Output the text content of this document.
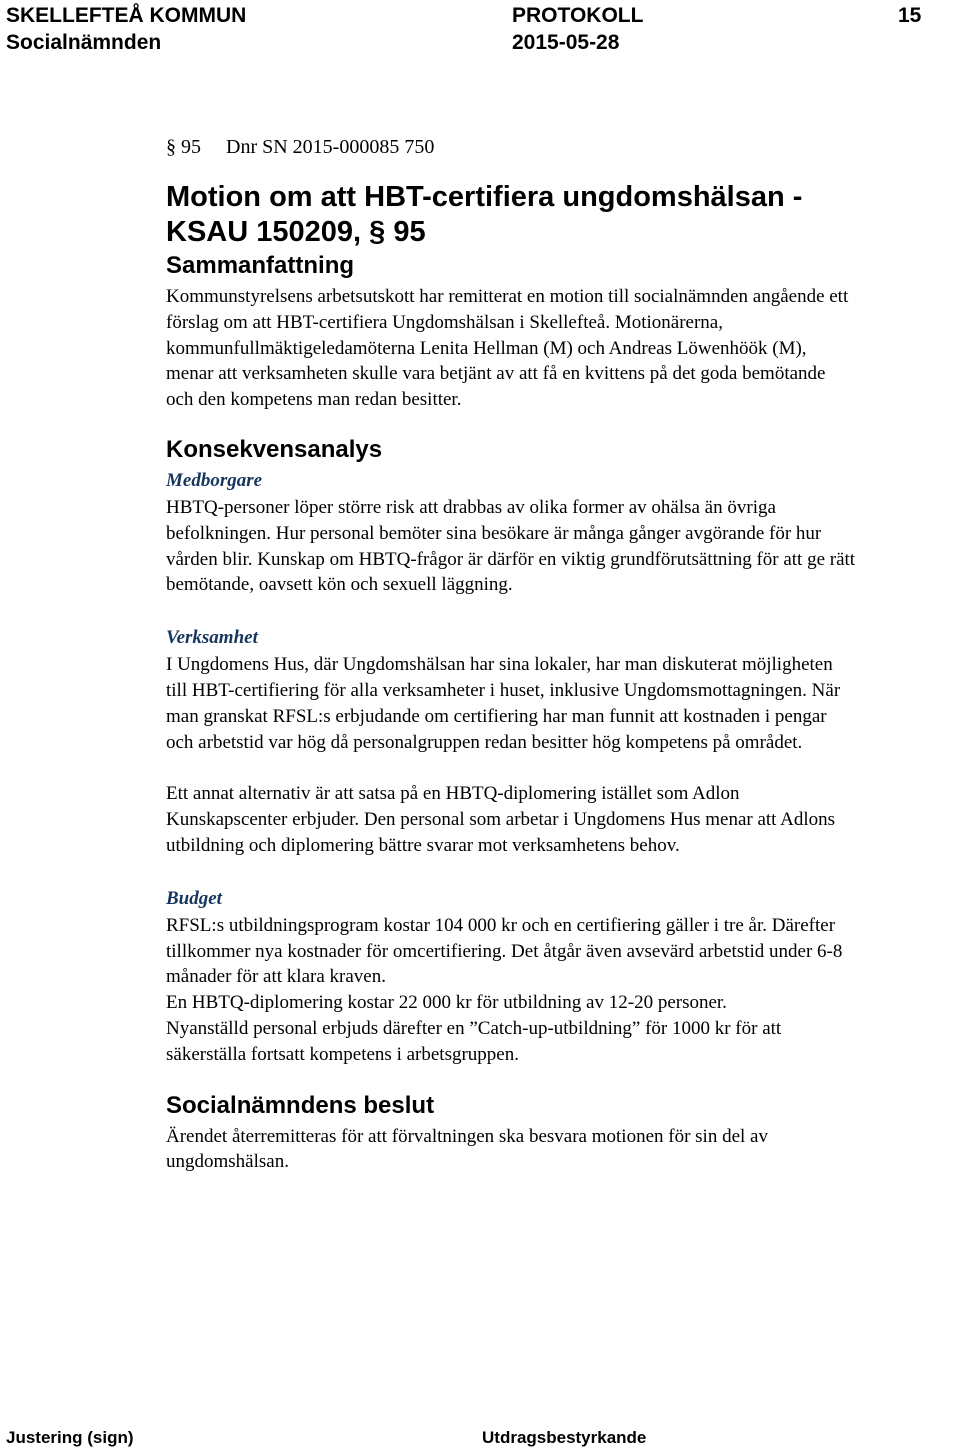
SKELLEFTEÅ KOMMUN	PROTOKOLL	15
Socialnämnden	2015-05-28
§ 95 Dnr SN 2015-000085 750
Motion om att HBT-certifiera ungdomshälsan -
KSAU 150209, § 95
Sammanfattning

Kommunstyrelsens arbetsutskott har remitterat en motion till socialnämnden angående ett förslag om att HBT-certifiera Ungdomshälsan i Skellefteå. Motionärerna, kommunfullmäktigeledamöterna Lenita Hellman (M) och Andreas Löwenhöök (M), menar att verksamheten skulle vara betjänt av att få en kvittens på det goda bemötande och den kompetens man redan besitter.

Konsekvensanalys
Medborgare

HBTQ-personer löper större risk att drabbas av olika former av ohälsa än övriga befolkningen. Hur personal bemöter sina besökare är många gånger avgörande för hur vården blir. Kunskap om HBTQ-frågor är därför en viktig grundförutsättning för att ge rätt bemötande, oavsett kön och sexuell läggning.

Verksamhet

I Ungdomens Hus, där Ungdomshälsan har sina lokaler, har man diskuterat möjligheten till HBT-certifiering för alla verksamheter i huset, inklusive Ungdomsmottagningen. När man granskat RFSL:s erbjudande om certifiering har man funnit att kostnaden i pengar och arbetstid var hög då personalgruppen redan besitter hög kompetens på området.

Ett annat alternativ är att satsa på en HBTQ-diplomering istället som Adlon Kunskapscenter erbjuder. Den personal som arbetar i Ungdomens Hus menar att Adlons utbildning och diplomering bättre svarar mot verksamhetens behov.

Budget

RFSL:s utbildningsprogram kostar 104 000 kr och en certifiering gäller i tre år. Därefter tillkommer nya kostnader för omcertifiering. Det åtgår även avsevärd arbetstid under 6-8 månader för att klara kraven.

En HBTQ-diplomering kostar 22 000 kr för utbildning av 12-20 personer.

Nyanställd personal erbjuds därefter en ”Catch-up-utbildning” för 1000 kr för att säkerställa fortsatt kompetens i arbetsgruppen.

Socialnämndens beslut

Ärendet återremitteras för att förvaltningen ska besvara motionen för sin del av ungdomshälsan.

Justering (sign)	Utdragsbestyrkande
